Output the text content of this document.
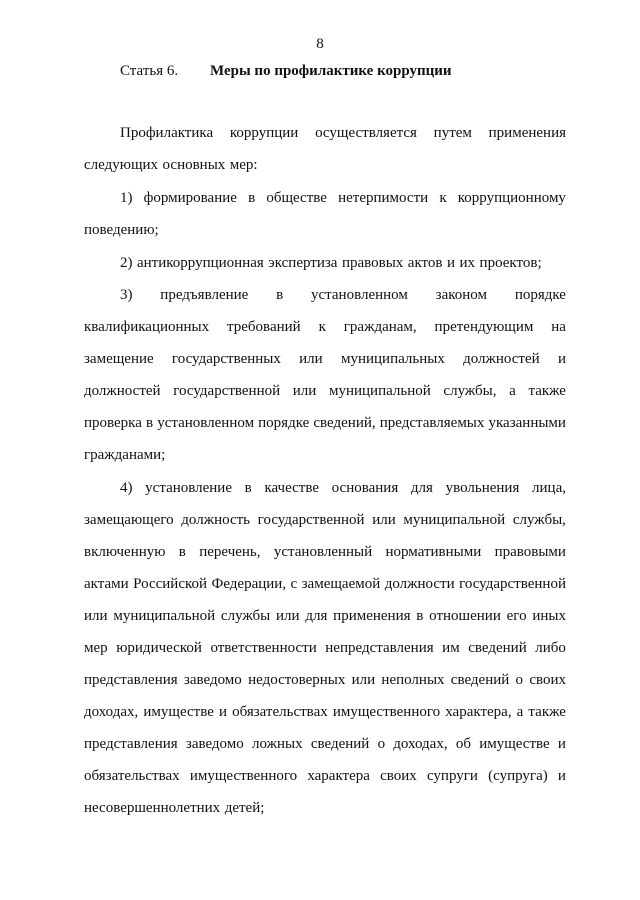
8
Статья 6. Меры по профилактике коррупции
Профилактика коррупции осуществляется путем применения
следующих основных мер:
1) формирование в обществе нетерпимости к коррупционному
поведению;
2) антикоррупционная экспертиза правовых актов и их проектов;
3) предъявление в установленном законом порядке
квалификационных требований к гражданам, претендующим на
замещение государственных или муниципальных должностей и
должностей государственной или муниципальной службы, а также
проверка в установленном порядке сведений, представляемых указанными
гражданами;
4) установление в качестве основания для увольнения лица,
замещающего должность государственной или муниципальной службы,
включенную в перечень, установленный нормативными правовыми
актами Российской Федерации, с замещаемой должности государственной
или муниципальной службы или для применения в отношении его иных
мер юридической ответственности непредставления им сведений либо
представления заведомо недостоверных или неполных сведений о своих
доходах, имуществе и обязательствах имущественного характера, а также
представления заведомо ложных сведений о доходах, об имуществе и
обязательствах имущественного характера своих супруги (супруга) и
несовершеннолетних детей;
